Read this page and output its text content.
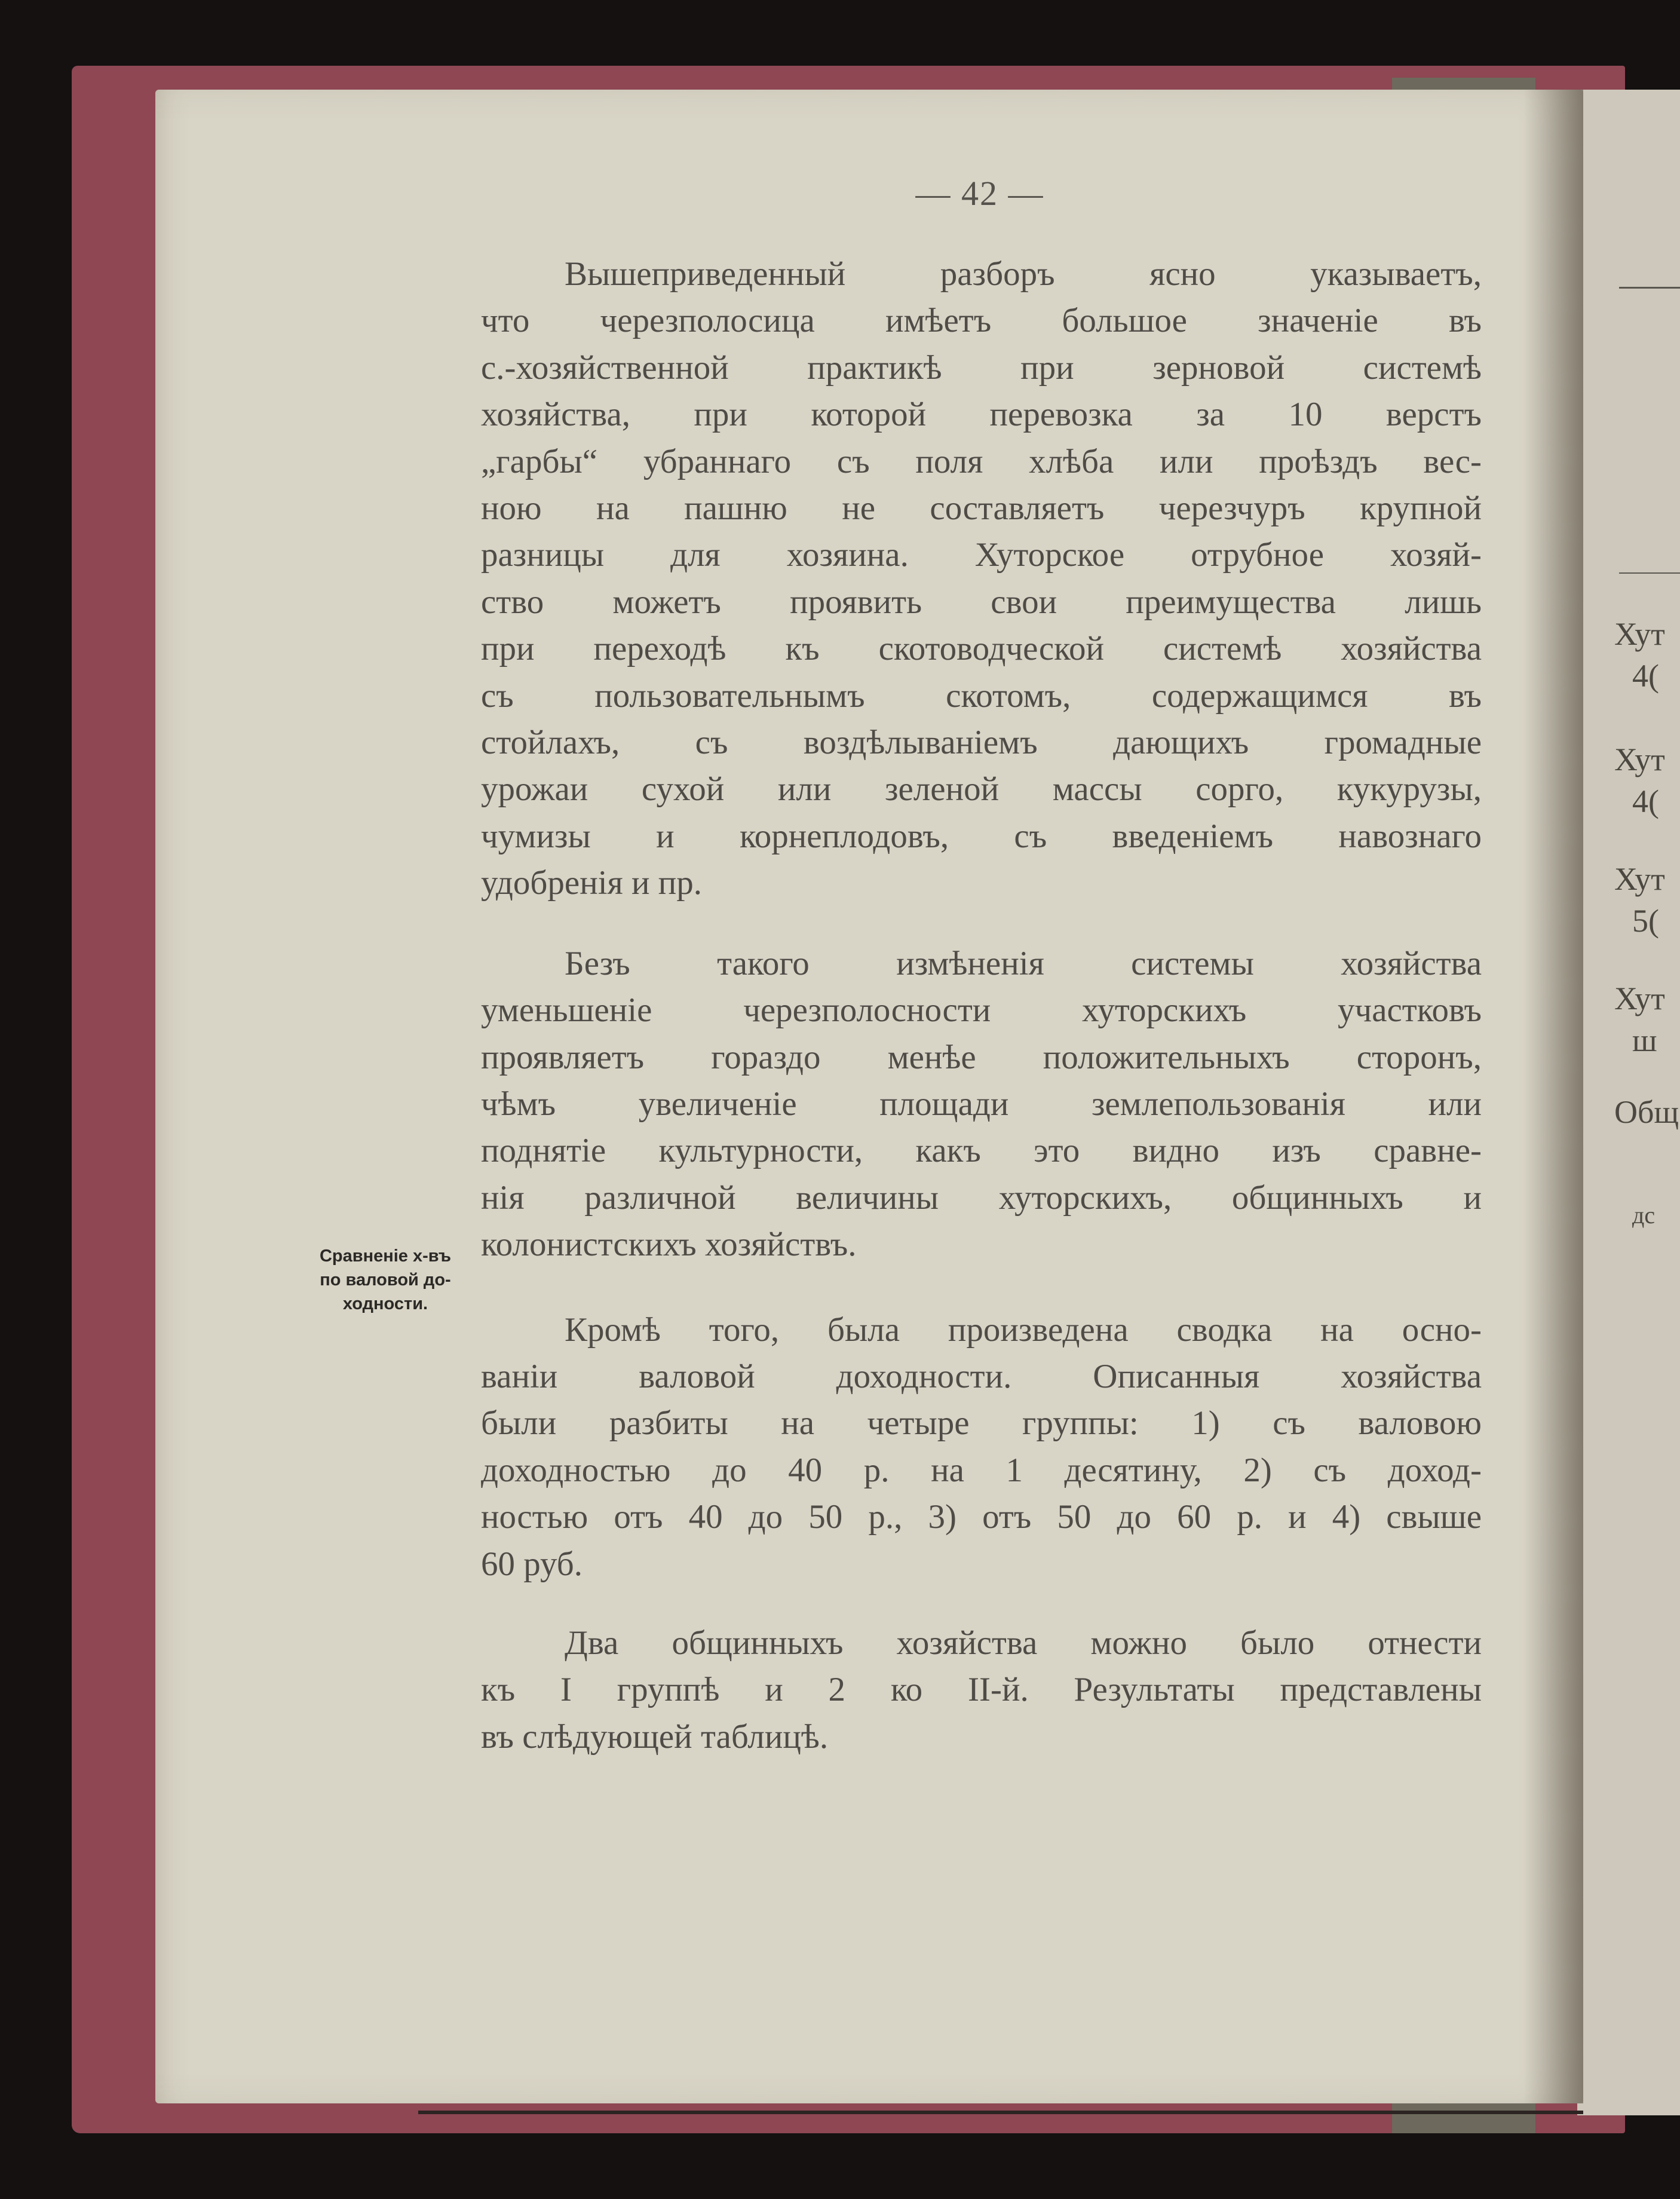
Хут
4(
Хут
4(
Хут
5(
Хут
ш
Общ
дс
— 42 —
Сравненіе х-въ
по валовой до-
ходности.
Вышеприведенный разборъ ясно указываетъ,
что черезполосица имѣетъ большое значеніе въ
с.-хозяйственной практикѣ при зерновой системѣ
хозяйства, при которой перевозка за 10 верстъ
„гарбы“ убраннаго съ поля хлѣба или проѣздъ вес-
ною на пашню не составляетъ черезчуръ крупной
разницы для хозяина. Хуторское отрубное хозяй-
ство можетъ проявить свои преимущества лишь
при переходѣ къ скотоводческой системѣ хозяйства
съ пользовательнымъ скотомъ, содержащимся въ
стойлахъ, съ воздѣлываніемъ дающихъ громадные
урожаи сухой или зеленой массы сорго, кукурузы,
чумизы и корнеплодовъ, съ введеніемъ навознаго
удобренія и пр.
Безъ такого измѣненія системы хозяйства
уменьшеніе черезполосности хуторскихъ участковъ
проявляетъ гораздо менѣе положительныхъ сторонъ,
чѣмъ увеличеніе площади землепользованія или
поднятіе культурности, какъ это видно изъ сравне-
нія различной величины хуторскихъ, общинныхъ и
колонистскихъ хозяйствъ.
Кромѣ того, была произведена сводка на осно-
ваніи валовой доходности. Описанныя хозяйства
были разбиты на четыре группы: 1) съ валовою
доходностью до 40 р. на 1 десятину, 2) съ доход-
ностью отъ 40 до 50 р., 3) отъ 50 до 60 р. и 4) свыше
60 руб.
Два общинныхъ хозяйства можно было отнести
къ I группѣ и 2 ко II-й. Результаты представлены
въ слѣдующей таблицѣ.
